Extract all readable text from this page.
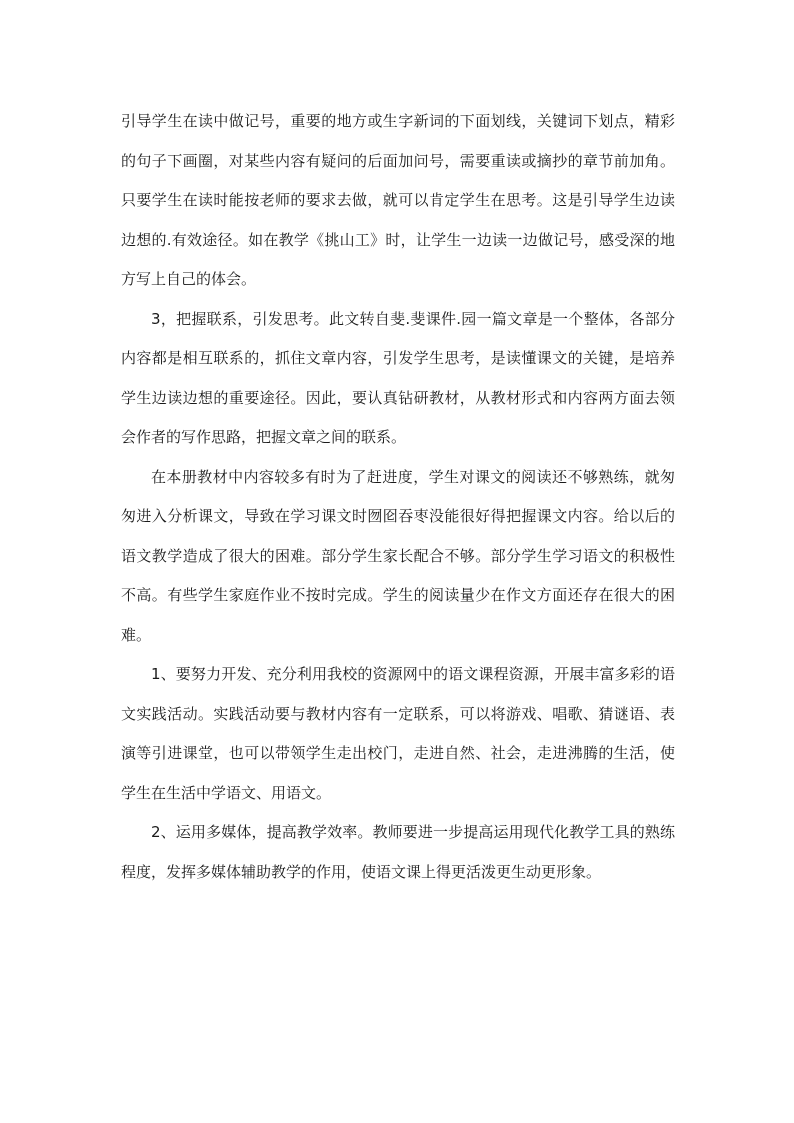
引导学生在读中做记号，重要的地方或生字新词的下面划线，关键词下划点，精彩的句子下画圈，对某些内容有疑问的后面加问号，需要重读或摘抄的章节前加角。只要学生在读时能按老师的要求去做，就可以肯定学生在思考。这是引导学生边读边想的.有效途径。如在教学《挑山工》时，让学生一边读一边做记号，感受深的地方写上自己的体会。

3，把握联系，引发思考。此文转自斐.斐课件.园一篇文章是一个整体，各部分内容都是相互联系的，抓住文章内容，引发学生思考，是读懂课文的关键，是培养学生边读边想的重要途径。因此，要认真钻研教材，从教材形式和内容两方面去领会作者的写作思路，把握文章之间的联系。

在本册教材中内容较多有时为了赶进度，学生对课文的阅读还不够熟练，就匆匆进入分析课文，导致在学习课文时囫囵吞枣没能很好得把握课文内容。给以后的语文教学造成了很大的困难。部分学生家长配合不够。部分学生学习语文的积极性不高。有些学生家庭作业不按时完成。学生的阅读量少在作文方面还存在很大的困难。

1、要努力开发、充分利用我校的资源网中的语文课程资源，开展丰富多彩的语文实践活动。实践活动要与教材内容有一定联系，可以将游戏、唱歌、猜谜语、表演等引进课堂，也可以带领学生走出校门，走进自然、社会，走进沸腾的生活，使学生在生活中学语文、用语文。

2、运用多媒体，提高教学效率。教师要进一步提高运用现代化教学工具的熟练程度，发挥多媒体辅助教学的作用，使语文课上得更活泼更生动更形象。
